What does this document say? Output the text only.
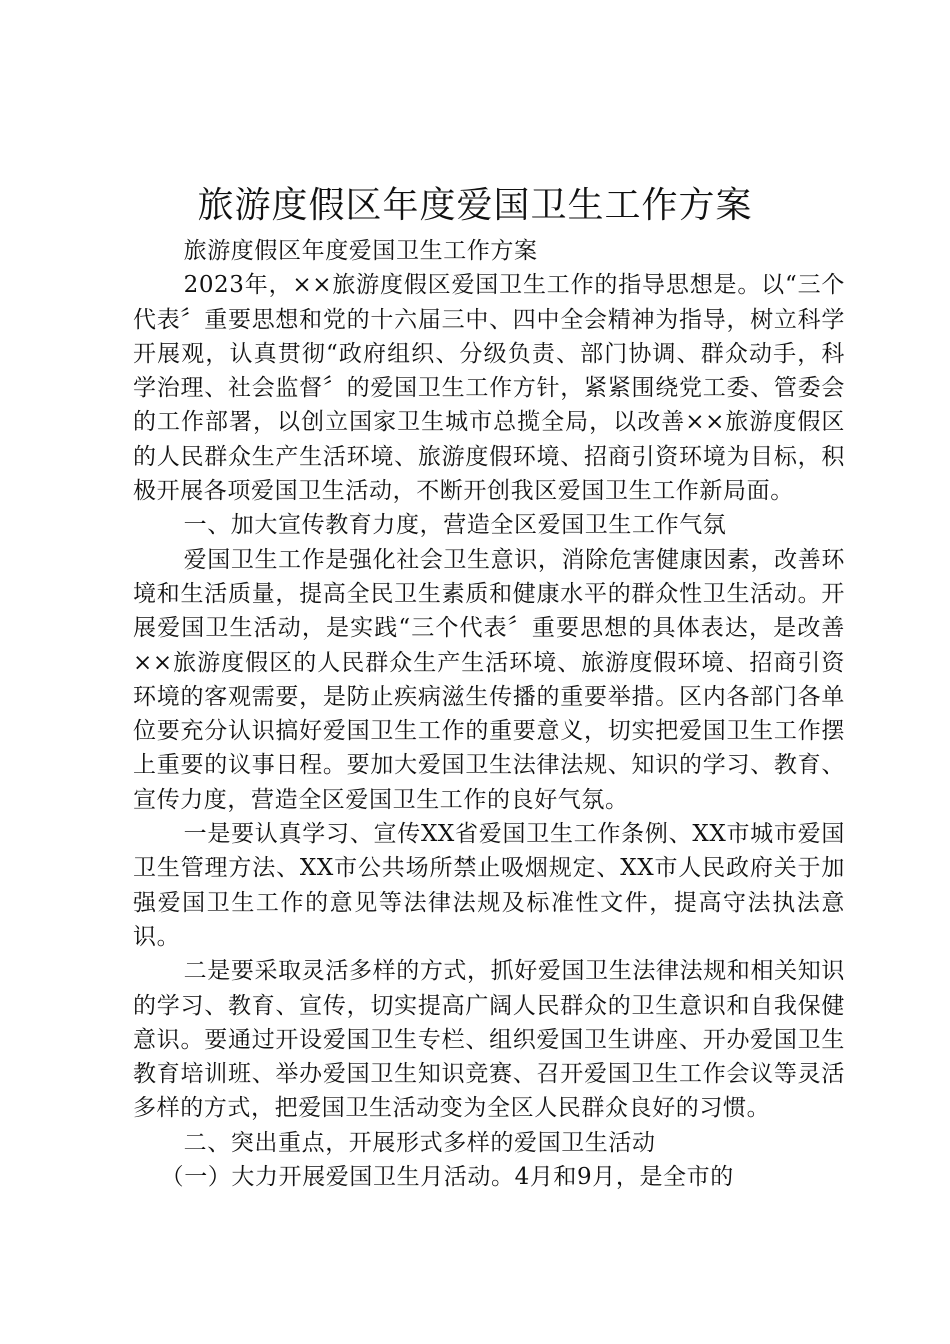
旅游度假区年度爱国卫生工作方案

旅游度假区年度爱国卫生工作方案

2023年，××旅游度假区爱国卫生工作的指导思想是。以“三个代表〞重要思想和党的十六届三中、四中全会精神为指导，树立科学开展观，认真贯彻“政府组织、分级负责、部门协调、群众动手，科学治理、社会监督〞的爱国卫生工作方针，紧紧围绕党工委、管委会的工作部署，以创立国家卫生城市总揽全局，以改善××旅游度假区的人民群众生产生活环境、旅游度假环境、招商引资环境为目标，积极开展各项爱国卫生活动，不断开创我区爱国卫生工作新局面。

一、加大宣传教育力度，营造全区爱国卫生工作气氛

爱国卫生工作是强化社会卫生意识，消除危害健康因素，改善环境和生活质量，提高全民卫生素质和健康水平的群众性卫生活动。开展爱国卫生活动，是实践“三个代表〞重要思想的具体表达，是改善××旅游度假区的人民群众生产生活环境、旅游度假环境、招商引资环境的客观需要，是防止疾病滋生传播的重要举措。区内各部门各单位要充分认识搞好爱国卫生工作的重要意义，切实把爱国卫生工作摆上重要的议事日程。要加大爱国卫生法律法规、知识的学习、教育、宣传力度，营造全区爱国卫生工作的良好气氛。

一是要认真学习、宣传XX省爱国卫生工作条例、XX市城市爱国卫生管理方法、XX市公共场所禁止吸烟规定、XX市人民政府关于加强爱国卫生工作的意见等法律法规及标准性文件，提高守法执法意识。

二是要采取灵活多样的方式，抓好爱国卫生法律法规和相关知识的学习、教育、宣传，切实提高广阔人民群众的卫生意识和自我保健意识。要通过开设爱国卫生专栏、组织爱国卫生讲座、开办爱国卫生教育培训班、举办爱国卫生知识竞赛、召开爱国卫生工作会议等灵活多样的方式，把爱国卫生活动变为全区人民群众良好的习惯。

二、突出重点，开展形式多样的爱国卫生活动

（一）大力开展爱国卫生月活动。4月和9月，是全市的
